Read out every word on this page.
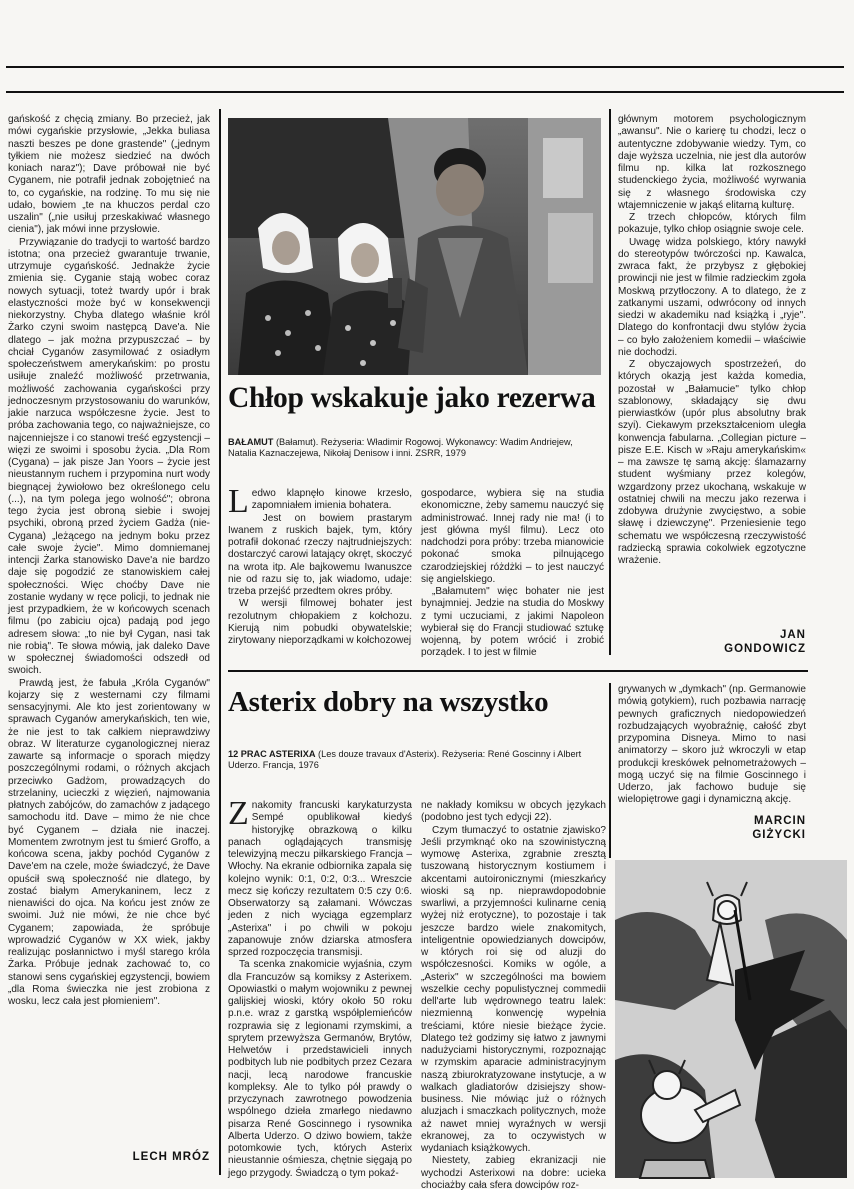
gańskość z chęcią zmiany. Bo przecież, jak mówi cygańskie przysłowie, „Jekka buliasa naszti beszes pe done grastende" („jednym tyłkiem nie możesz siedzieć na dwóch koniach naraz"); Dave próbował nie być Cyganem, nie potrafił jednak zobojętnieć na to, co cygańskie, na rodzinę. To mu się nie udało, bowiem „te na khuczos perdal czo uszalin" („nie usiłuj przeskakiwać własnego cienia"), jak mówi inne przysłowie.

Przywiązanie do tradycji to wartość bardzo istotna; ona przecież gwarantuje trwanie, utrzymuje cygańskość. Jednakże życie zmienia się. Cyganie stają wobec coraz nowych sytuacji, toteż twardy upór i brak elastyczności może być w konsekwencji niekorzystny. Chyba dlatego właśnie król Żarko czyni swoim następcą Dave'a. Nie dlatego – jak można przypuszczać – by chciał Cyganów zasymilować z osiadłym społeczeństwem amerykańskim: po prostu usiłuje znaleźć możliwość przetrwania, możliwość zachowania cygańskości przy jednoczesnym przystosowaniu do warunków, jakie narzuca współczesne życie. Jest to próba zachowania tego, co najważniejsze, co najcenniejsze i co stanowi treść egzystencji – więzi ze swoimi i sposobu życia. „Dla Rom (Cygana) – jak pisze Jan Yoors – życie jest nieustannym ruchem i przypomina nurt wody biegnącej żywiołowo bez określonego celu (...), na tym polega jego wolność"; obrona tego życia jest obroną siebie i swojej psychiki, obroną przed życiem Gadża (nie-Cygana) „leżącego na jednym boku przez całe swoje życie". Mimo domniemanej intencji Żarka stanowisko Dave'a nie bardzo daje się pogodzić ze stanowiskiem całej społeczności. Więc choćby Dave nie zostanie wydany w ręce policji, to jednak nie jest przypadkiem, że w końcowych scenach filmu (po zabiciu ojca) padają pod jego adresem słowa: „to nie był Cygan, nasi tak nie robią". Te słowa mówią, jak daleko Dave w społecznej świadomości odszedł od swoich.

Prawdą jest, że fabuła „Króla Cyganów" kojarzy się z westernami czy filmami sensacyjnymi. Ale kto jest zorientowany w sprawach Cyganów amerykańskich, ten wie, że nie jest to tak całkiem nieprawdziwy obraz. W literaturze cyganologicznej nieraz zawarte są informacje o sporach między poszczególnymi rodami, o różnych akcjach przeciwko Gadżom, prowadzących do strzelaniny, ucieczki z więzień, najmowania płatnych zabójców, do zamachów z jadącego samochodu itd. Dave – mimo że nie chce być Cyganem – działa nie inaczej. Momentem zwrotnym jest tu śmierć Groffo, a końcowa scena, jakby pochód Cyganów z Dave'em na czele, może świadczyć, że Dave opuścił swą społeczność nie dlatego, by zostać białym Amerykaninem, lecz z nienawiści do ojca. Na końcu jest znów ze swoimi. Już nie mówi, że nie chce być Cyganem; zapowiada, że spróbuje wprowadzić Cyganów w XX wiek, jakby realizując posłannictwo i myśl starego króla Żarka. Próbuje jednak zachować to, co stanowi sens cygańskiej egzystencji, bowiem „dla Roma świeczka nie jest zrobiona z wosku, lecz cała jest płomieniem".

LECH MRÓZ
Chłop wskakuje jako rezerwa
BAŁAMUT (Bałamut). Reżyseria: Władimir Rogowoj. Wykonawcy: Wadim Andriejew, Natalia Kaznaczejewa, Nikołaj Denisow i inni. ZSRR, 1979
Ledwo klapnęło kinowe krzesło, zapomniałem imienia bohatera.

Jest on bowiem prastarym Iwanem z ruskich bajek, tym, który potrafił dokonać rzeczy najtrudniejszych: dostarczyć carowi latający okręt, skoczyć na wrota itp. Ale bajkowemu Iwanuszce nie od razu się to, jak wiadomo, udaje: trzeba przejść przedtem okres próby.

W wersji filmowej bohater jest rezolutnym chłopakiem z kołchozu. Kierują nim pobudki obywatelskie; zirytowany nieporządkami w kołchozowej

gospodarce, wybiera się na studia ekonomiczne, żeby samemu nauczyć się administrować. Innej rady nie ma! (i to jest główna myśl filmu). Lecz oto nadchodzi pora próby: trzeba mianowicie pokonać smoka pilnującego czarodziejskiej różdżki – to jest nauczyć się angielskiego.

„Bałamutem" więc bohater nie jest bynajmniej. Jedzie na studia do Moskwy z tymi uczuciami, z jakimi Napoleon wybierał się do Francji studiować sztukę wojenną, by potem wrócić i zrobić porządek. I to jest w filmie

głównym motorem psychologicznym „awansu". Nie o karierę tu chodzi, lecz o autentyczne zdobywanie wiedzy. Tym, co daje wyższa uczelnia, nie jest dla autorów filmu np. kilka lat rozkosznego studenckiego życia, możliwość wyrwania się z własnego środowiska czy wtajemniczenie w jakąś elitarną kulturę.

Z trzech chłopców, których film pokazuje, tylko chłop osiągnie swoje cele.

Uwagę widza polskiego, który nawykł do stereotypów twórczości np. Kawalca, zwraca fakt, że przybysz z głębokiej prowincji nie jest w filmie radzieckim zgoła Moskwą przytłoczony. A to dlatego, że z zatkanymi uszami, odwrócony od innych siedzi w akademiku nad książką i „ryje". Dlatego do konfrontacji dwu stylów życia – co było założeniem komedii – właściwie nie dochodzi.

Z obyczajowych spostrzeżeń, do których okazją jest każda komedia, pozostał w „Bałamucie" tylko chłop szablonowy, składający się dwu pierwiastków (upór plus absolutny brak szyi). Ciekawym przekształceniom uległa konwencja fabularna. „Collegian picture – pisze E.E. Kisch w »Raju amerykańskim« – ma zawsze tę samą akcję: ślamazarny student wyśmiany przez kolegów, wzgardzony przez ukochaną, wskakuje w ostatniej chwili na meczu jako rezerwa i zdobywa drużynie zwycięstwo, a sobie sławę i dziewczynę". Przeniesienie tego schematu we współczesną rzeczywistość radziecką sprawia cokolwiek egzotyczne wrażenie.

JAN
GONDOWICZ
Asterix dobry na wszystko
12 PRAC ASTERIXA (Les douze travaux d'Asterix). Reżyseria: René Goscinny i Albert Uderzo. Francja, 1976
Znakomity francuski karykaturzysta Sempé opublikował kiedyś historyjkę obrazkową o kilku panach oglądających transmisję telewizyjną meczu piłkarskiego Francja – Włochy. Na ekranie odbiornika zapala się kolejno wynik: 0:1, 0:2, 0:3... Wreszcie mecz się kończy rezultatem 0:5 czy 0:6. Obserwatorzy są załamani. Wówczas jeden z nich wyciąga egzemplarz „Asterixa" i po chwili w pokoju zapanowuje znów dziarska atmosfera sprzed rozpoczęcia transmisji.

Ta scenka znakomicie wyjaśnia, czym dla Francuzów są komiksy z Asterixem. Opowiastki o małym wojowniku z pewnej galijskiej wioski, który około 50 roku p.n.e. wraz z garstką współplemieńców rozprawia się z legionami rzymskimi, a sprytem przewyższa Germanów, Brytów, Helwetów i przedstawicieli innych podbitych lub nie podbitych przez Cezara nacji, lecą narodowe francuskie kompleksy. Ale to tylko pół prawdy o przyczynach zawrotnego powodzenia wspólnego dzieła zmarłego niedawno pisarza René Goscinnego i rysownika Alberta Uderzo. O dziwo bowiem, także potomkowie tych, których Asterix nieustannie ośmiesza, chętnie sięgają po jego przygody. Świadczą o tym pokaź-

ne nakłady komiksu w obcych językach (podobno jest tych edycji 22).

Czym tłumaczyć to ostatnie zjawisko? Jeśli przymknąć oko na szowinistyczną wymowę Asterixa, zgrabnie zresztą tuszowaną historycznym kostiumem i akcentami autoironicznymi (mieszkańcy wioski są np. nieprawdopodobnie swarliwi, a przyjemności kulinarne cenią wyżej niż erotyczne), to pozostaje i tak jeszcze bardzo wiele znakomitych, inteligentnie opowiedzianych dowcipów, w których roi się od aluzji do współczesności. Komiks w ogóle, a „Asterix" w szczególności ma bowiem wszelkie cechy populistycznej commedii dell'arte lub wędrownego teatru lalek: niezmienną konwencję wypełnia treściami, które niesie bieżące życie. Dlatego też godzimy się łatwo z jawnymi nadużyciami historycznymi, rozpoznając w rzymskim aparacie administracyjnym naszą zbiurokratyzowane instytucje, a w walkach gladiatorów dzisiejszy show-business. Nie mówiąc już o różnych aluzjach i smaczkach politycznych, może aż nawet mniej wyraźnych w wersji ekranowej, za to oczywistych w wydaniach książkowych.

Niestety, zabieg ekranizacji nie wychodzi Asterixowi na dobre: ucieka chociażby cała sfera dowcipów roz-

grywanych w „dymkach" (np. Germanowie mówią gotykiem), ruch pozbawia narrację pewnych graficznych niedopowiedzeń rozbudzających wyobraźnię, całość zbyt przypomina Disneya. Mimo to nasi animatorzy – skoro już wkroczyli w etap produkcji kreskówek pełnometrażowych – mogą uczyć się na filmie Goscinnego i Uderzo, jak fachowo buduje się wielopiętrowe gagi i dynamiczną akcję.

MARCIN
GIŻYCKI
